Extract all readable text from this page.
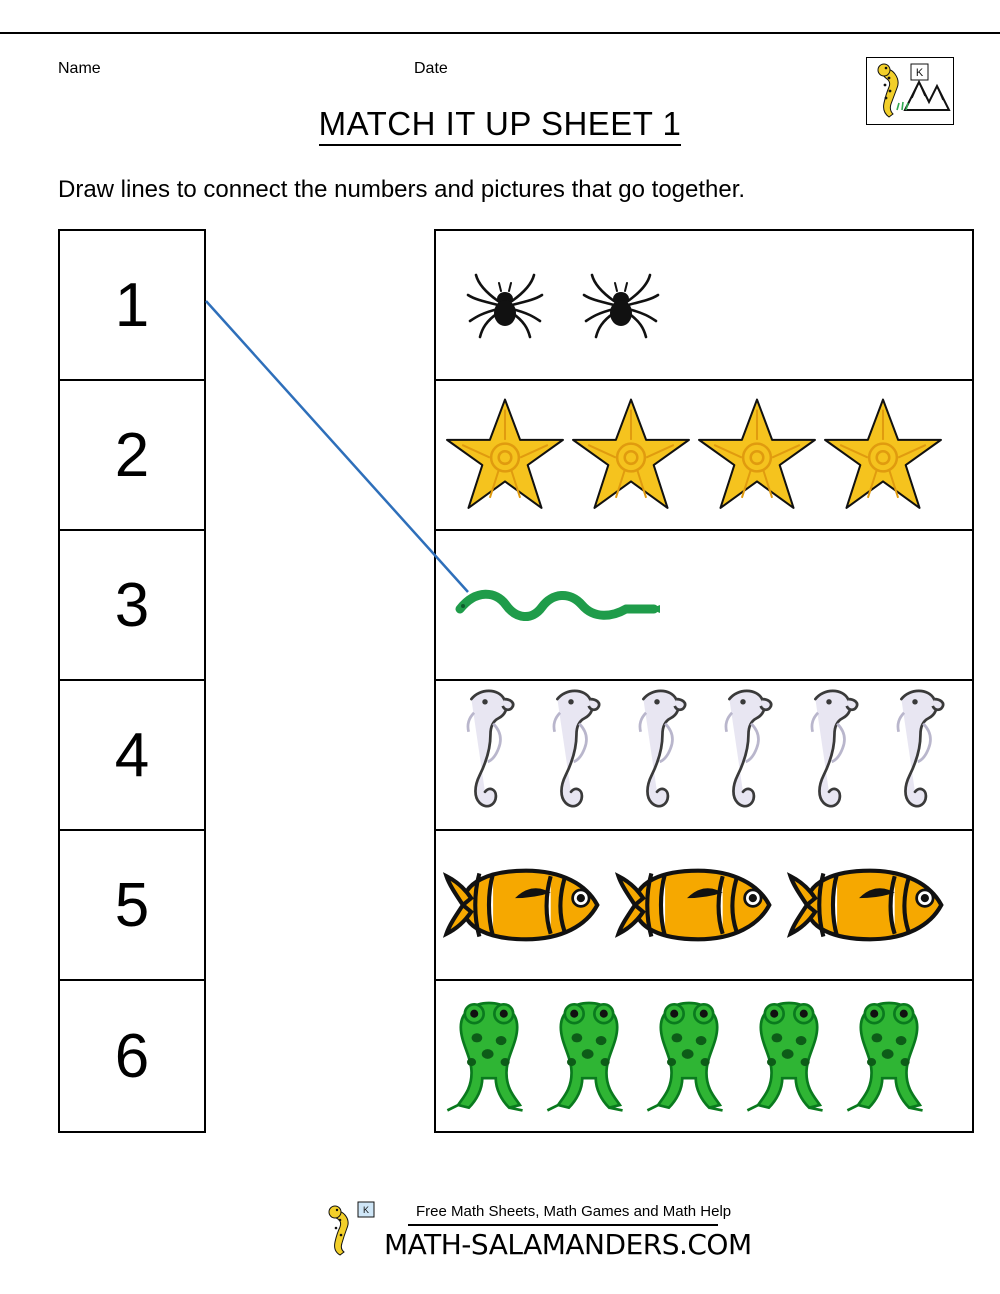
Name	Date	K
MATCH IT UP SHEET 1
Draw lines to connect the numbers and pictures that go together.
1
2
3
4
5
6
K	Free Math Sheets, Math Games and Math Help
MATH-SALAMANDERS.COM
